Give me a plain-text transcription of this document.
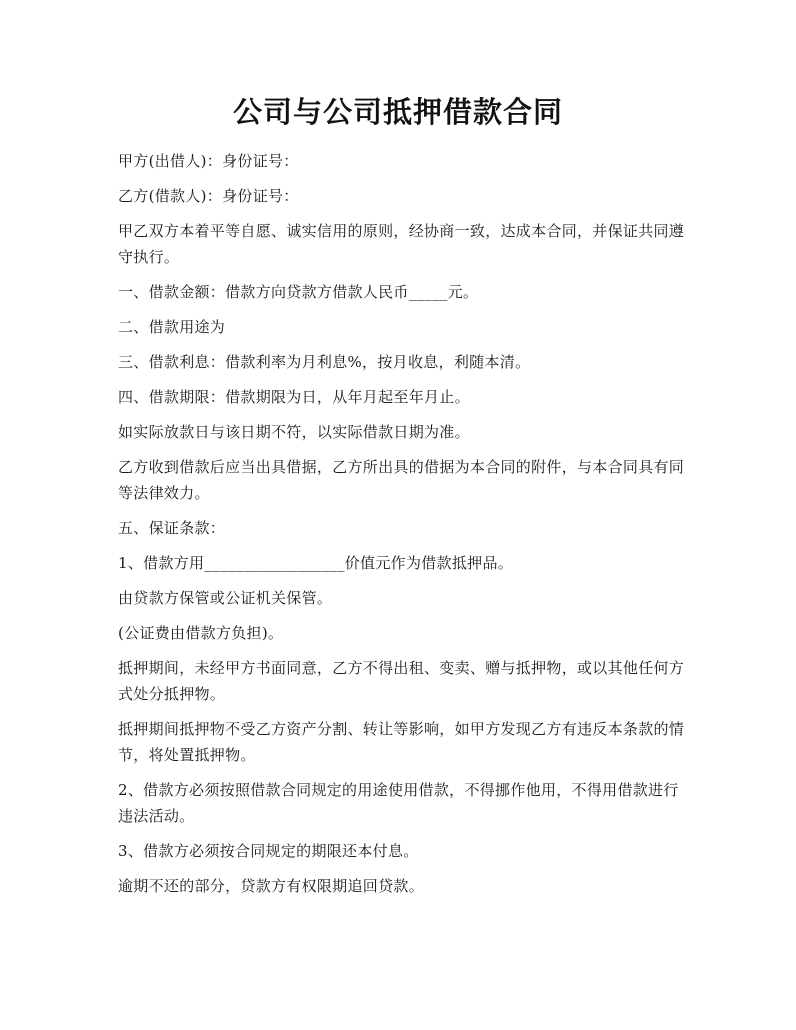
公司与公司抵押借款合同

甲方(出借人)：身份证号：

乙方(借款人)：身份证号：

甲乙双方本着平等自愿、诚实信用的原则，经协商一致，达成本合同，并保证共同遵守执行。

一、借款金额：借款方向贷款方借款人民币_____元。

二、借款用途为

三、借款利息：借款利率为月利息%，按月收息，利随本清。

四、借款期限：借款期限为日，从年月起至年月止。

如实际放款日与该日期不符，以实际借款日期为准。

乙方收到借款后应当出具借据，乙方所出具的借据为本合同的附件，与本合同具有同等法律效力。

五、保证条款：

1、借款方用__________________价值元作为借款抵押品。

由贷款方保管或公证机关保管。

(公证费由借款方负担)。

抵押期间，未经甲方书面同意，乙方不得出租、变卖、赠与抵押物，或以其他任何方式处分抵押物。

抵押期间抵押物不受乙方资产分割、转让等影响，如甲方发现乙方有违反本条款的情节，将处置抵押物。

2、借款方必须按照借款合同规定的用途使用借款，不得挪作他用，不得用借款进行违法活动。

3、借款方必须按合同规定的期限还本付息。

逾期不还的部分，贷款方有权限期追回贷款。
